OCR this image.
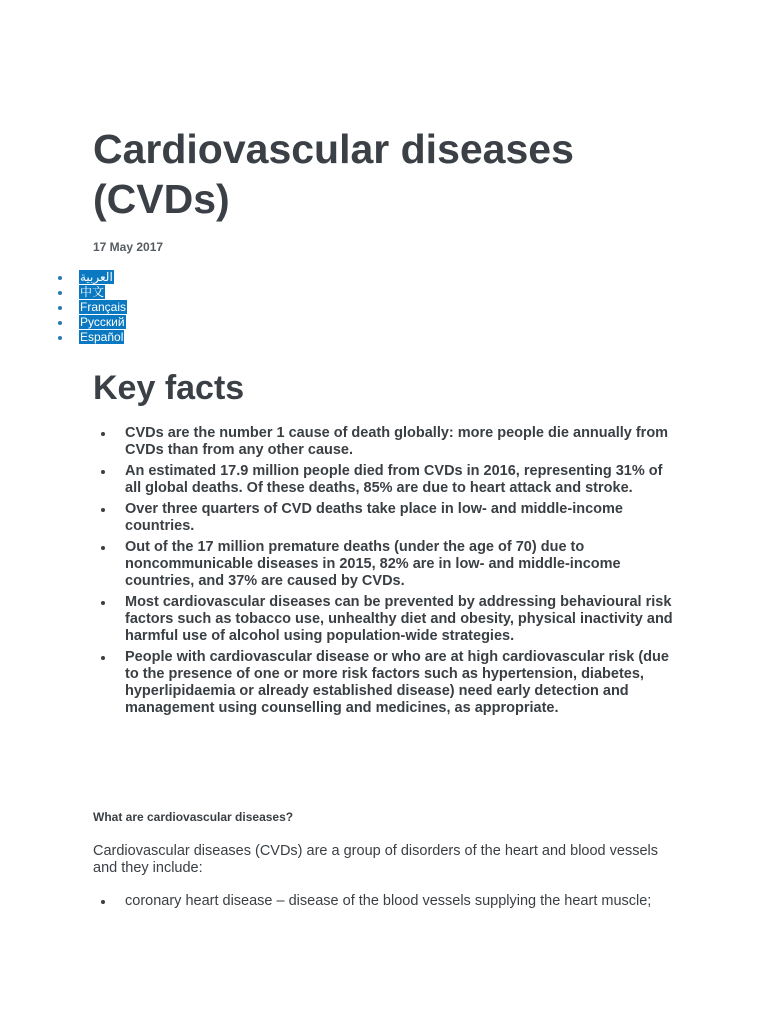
Cardiovascular diseases (CVDs)
17 May 2017
العربية
中文
Français
Русский
Español
Key facts
CVDs are the number 1 cause of death globally: more people die annually from CVDs than from any other cause.
An estimated 17.9 million people died from CVDs in 2016, representing 31% of all global deaths. Of these deaths, 85% are due to heart attack and stroke.
Over three quarters of CVD deaths take place in low- and middle-income countries.
Out of the 17 million premature deaths (under the age of 70) due to noncommunicable diseases in 2015, 82% are in low- and middle-income countries, and 37% are caused by CVDs.
Most cardiovascular diseases can be prevented by addressing behavioural risk factors such as tobacco use, unhealthy diet and obesity, physical inactivity and harmful use of alcohol using population-wide strategies.
People with cardiovascular disease or who are at high cardiovascular risk (due to the presence of one or more risk factors such as hypertension, diabetes, hyperlipidaemia or already established disease) need early detection and management using counselling and medicines, as appropriate.
What are cardiovascular diseases?

Cardiovascular diseases (CVDs) are a group of disorders of the heart and blood vessels and they include:

coronary heart disease – disease of the blood vessels supplying the heart muscle;
